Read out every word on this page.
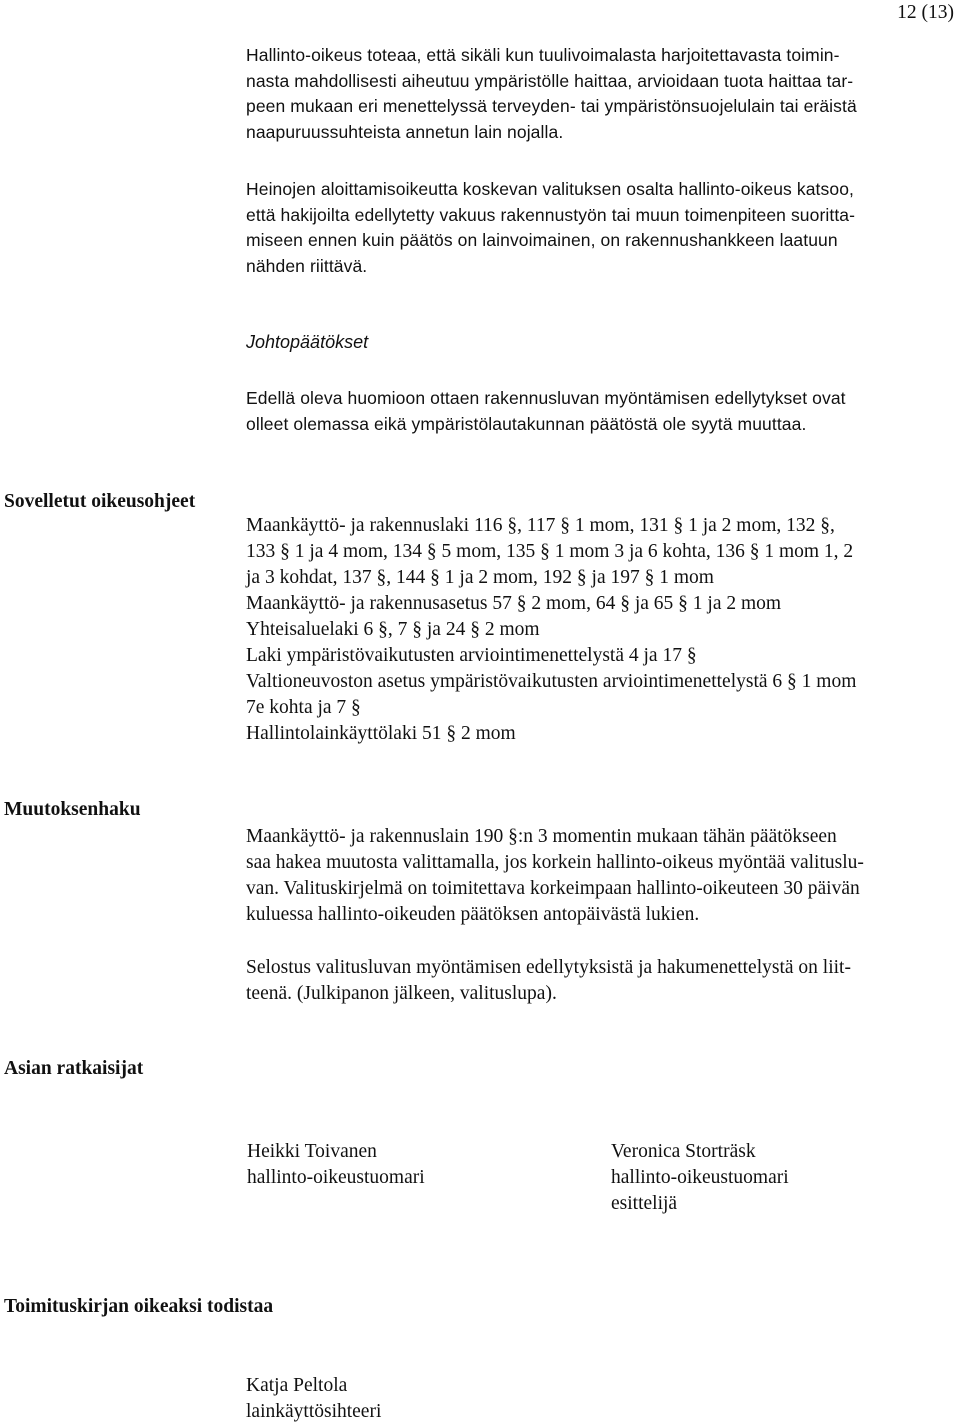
12 (13)
Hallinto-oikeus toteaa, että sikäli kun tuulivoimalasta harjoitettavasta toimin-
nasta mahdollisesti aiheutuu ympäristölle haittaa, arvioidaan tuota haittaa tar-
peen mukaan eri menettelyssä terveyden- tai ympäristönsuojelulain tai eräistä
naapuruussuhteista annetun lain nojalla.
Heinojen aloittamisoikeutta koskevan valituksen osalta hallinto-oikeus katsoo,
että hakijoilta edellytetty vakuus rakennustyön tai muun toimenpiteen suoritta-
miseen ennen kuin päätös on lainvoimainen, on rakennushankkeen laatuun
nähden riittävä.
Johtopäätökset
Edellä oleva huomioon ottaen rakennusluvan myöntämisen edellytykset ovat
olleet olemassa eikä ympäristölautakunnan päätöstä ole syytä muuttaa.
Sovelletut oikeusohjeet
Maankäyttö- ja rakennuslaki 116 §, 117 § 1 mom, 131 § 1 ja 2 mom, 132 §,
133 § 1 ja 4 mom, 134 § 5 mom, 135 § 1 mom 3 ja 6 kohta, 136 § 1 mom 1, 2
ja 3 kohdat, 137 §, 144 § 1 ja 2 mom, 192 § ja 197 § 1 mom
Maankäyttö- ja rakennusasetus 57 § 2 mom, 64 § ja 65 § 1 ja 2 mom
Yhteisaluelaki 6 §, 7 § ja 24 § 2 mom
Laki ympäristövaikutusten arviointimenettelystä 4 ja 17 §
Valtioneuvoston asetus ympäristövaikutusten arviointimenettelystä 6 § 1 mom
7e kohta ja 7 §
Hallintolainkäyttölaki 51 § 2 mom
Muutoksenhaku
Maankäyttö- ja rakennuslain 190 §:n 3 momentin mukaan tähän päätökseen
saa hakea muutosta valittamalla, jos korkein hallinto-oikeus myöntää valituslu-
van. Valituskirjelmä on toimitettava korkeimpaan hallinto-oikeuteen 30 päivän
kuluessa hallinto-oikeuden päätöksen antopäivästä lukien.
Selostus valitusluvan myöntämisen edellytyksistä ja hakumenettelystä on liit-
teenä. (Julkipanon jälkeen, valituslupa).
Asian ratkaisijat
Heikki Toivanen
hallinto-oikeustuomari
Veronica Storträsk
hallinto-oikeustuomari
esittelijä
Toimituskirjan oikeaksi todistaa
Katja Peltola
lainkäyttösihteeri
